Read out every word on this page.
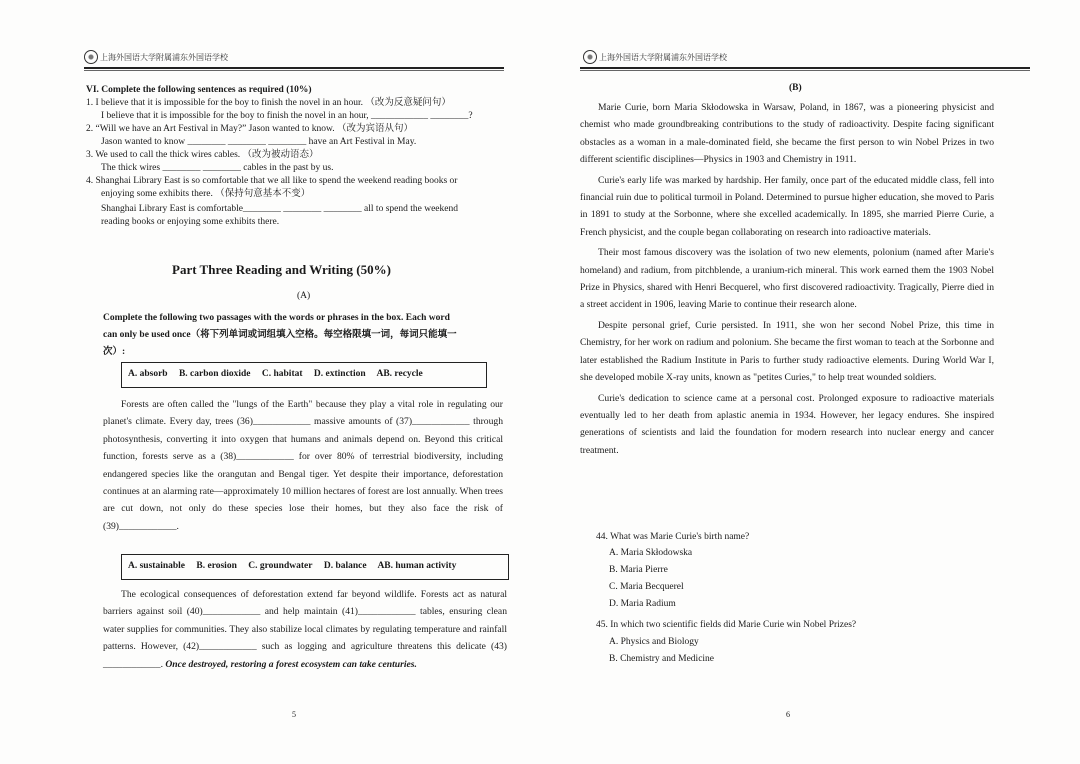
上海外国语大学附属浦东外国语学校
VI. Complete the following sentences as required (10%)
1. I believe that it is impossible for the boy to finish the novel in an hour. （改为反意疑问句）
I believe that it is impossible for the boy to finish the novel in an hour, ____________ ________?
2. “Will we have an Art Festival in May?” Jason wanted to know. （改为宾语从句）
Jason wanted to know ________ ________ ________ have an Art Festival in May.
3. We used to call the thick wires cables. （改为被动语态）
The thick wires ________ ________ cables in the past by us.
4. Shanghai Library East is so comfortable that we all like to spend the weekend reading books or
enjoying some exhibits there. （保持句意基本不变）
Shanghai Library East is comfortable________ ________ ________ all to spend the weekend
reading books or enjoying some exhibits there.
Part Three Reading and Writing (50%)
(A)
Complete the following two passages with the words or phrases in the box. Each word
can only be used once（将下列单词或词组填入空格。每空格限填一词，每词只能填一
次）:
A. absorb B. carbon dioxide C. habitat D. extinction AB. recycle

Forests are often called the "lungs of the Earth" because they play a vital role in regulating our planet's climate. Every day, trees (36)____________ massive amounts of (37)____________ through photosynthesis, converting it into oxygen that humans and animals depend on. Beyond this critical function, forests serve as a (38)____________ for over 80% of terrestrial biodiversity, including endangered species like the orangutan and Bengal tiger. Yet despite their importance, deforestation continues at an alarming rate—approximately 10 million hectares of forest are lost annually. When trees are cut down, not only do these species lose their homes, but they also face the risk of (39)____________.

A. sustainable B. erosion C. groundwater D. balance AB. human activity

The ecological consequences of deforestation extend far beyond wildlife. Forests act as natural barriers against soil (40)____________ and help maintain (41)____________ tables, ensuring clean water supplies for communities. They also stabilize local climates by regulating temperature and rainfall patterns. However, (42)____________ such as logging and agriculture threatens this delicate (43) ____________. Once destroyed, restoring a forest ecosystem can take centuries.

5
上海外国语大学附属浦东外国语学校
(B)

Marie Curie, born Maria Skłodowska in Warsaw, Poland, in 1867, was a pioneering physicist and chemist who made groundbreaking contributions to the study of radioactivity. Despite facing significant obstacles as a woman in a male-dominated field, she became the first person to win Nobel Prizes in two different scientific disciplines—Physics in 1903 and Chemistry in 1911.

Curie's early life was marked by hardship. Her family, once part of the educated middle class, fell into financial ruin due to political turmoil in Poland. Determined to pursue higher education, she moved to Paris in 1891 to study at the Sorbonne, where she excelled academically. In 1895, she married Pierre Curie, a French physicist, and the couple began collaborating on research into radioactive materials.

Their most famous discovery was the isolation of two new elements, polonium (named after Marie's homeland) and radium, from pitchblende, a uranium-rich mineral. This work earned them the 1903 Nobel Prize in Physics, shared with Henri Becquerel, who first discovered radioactivity. Tragically, Pierre died in a street accident in 1906, leaving Marie to continue their research alone.

Despite personal grief, Curie persisted. In 1911, she won her second Nobel Prize, this time in Chemistry, for her work on radium and polonium. She became the first woman to teach at the Sorbonne and later established the Radium Institute in Paris to further study radioactive elements. During World War I, she developed mobile X-ray units, known as "petites Curies," to help treat wounded soldiers.

Curie's dedication to science came at a personal cost. Prolonged exposure to radioactive materials eventually led to her death from aplastic anemia in 1934. However, her legacy endures. She inspired generations of scientists and laid the foundation for modern research into nuclear energy and cancer treatment.

44. What was Marie Curie's birth name?
A. Maria Skłodowska
B. Maria Pierre
C. Maria Becquerel
D. Maria Radium
45. In which two scientific fields did Marie Curie win Nobel Prizes?
A. Physics and Biology
B. Chemistry and Medicine
6
